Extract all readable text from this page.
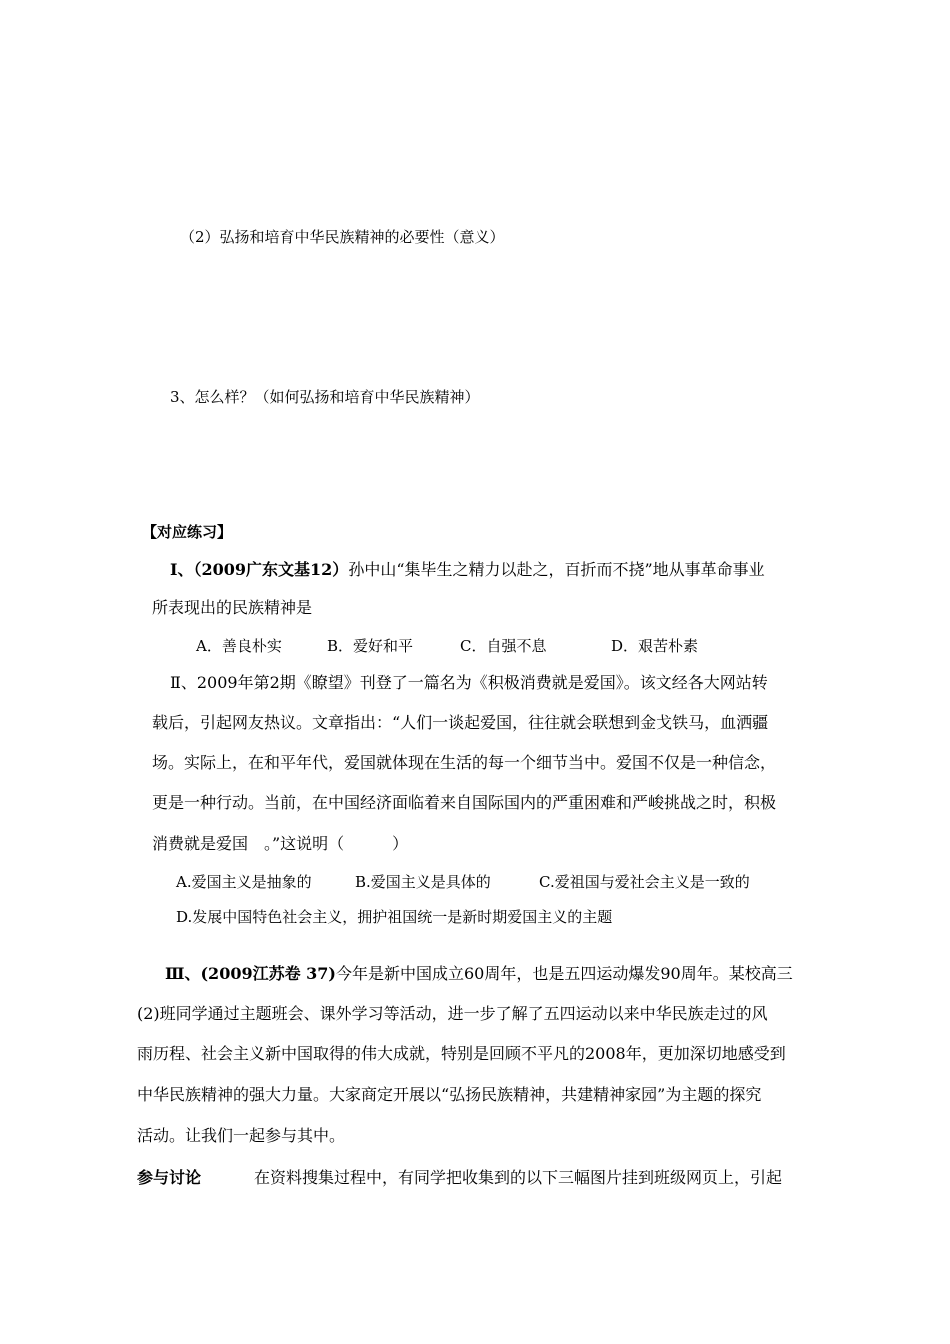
（2）弘扬和培育中华民族精神的必要性（意义）
3、怎么样？（如何弘扬和培育中华民族精神）
【对应练习】
Ⅰ、（2009广东文基12）孙中山“集毕生之精力以赴之，百折而不挠”地从事革命事业
所表现出的民族精神是
A．善良朴实	B．爱好和平	C．自强不息	D．艰苦朴素
Ⅱ、2009年第2期《瞭望》刊登了一篇名为《积极消费就是爱国》。该文经各大网站转
载后，引起网友热议。文章指出：“人们一谈起爱国，往往就会联想到金戈铁马，血洒疆
场。实际上，在和平年代，爱国就体现在生活的每一个细节当中。爱国不仅是一种信念，
更是一种行动。当前，在中国经济面临着来自国际国内的严重困难和严峻挑战之时，积极
消费就是爱国　。”这说明（　　　）
A.爱国主义是抽象的	B.爱国主义是具体的	C.爱祖国与爱社会主义是一致的
D.发展中国特色社会主义，拥护祖国统一是新时期爱国主义的主题
Ⅲ、(2009江苏卷 37)今年是新中国成立60周年，也是五四运动爆发90周年。某校高三
(2)班同学通过主题班会、课外学习等活动，进一步了解了五四运动以来中华民族走过的风
雨历程、社会主义新中国取得的伟大成就，特别是回顾不平凡的2008年，更加深切地感受到
中华民族精神的强大力量。大家商定开展以“弘扬民族精神，共建精神家园”为主题的探究
活动。让我们一起参与其中。
参与讨论	在资料搜集过程中，有同学把收集到的以下三幅图片挂到班级网页上，引起
